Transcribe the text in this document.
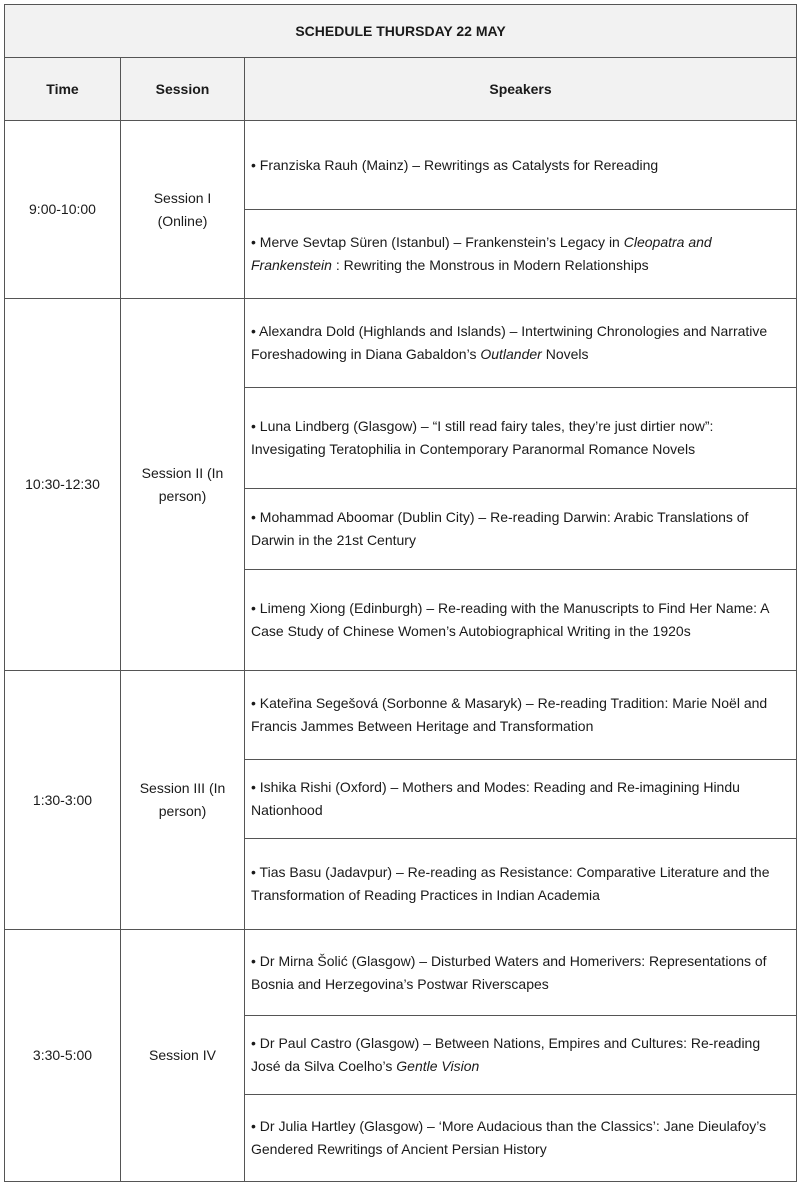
SCHEDULE THURSDAY 22 MAY		
Time	Session	Speakers
9:00-10:00	Session I (Online)	• Franziska Rauh (Mainz) – Rewritings as Catalysts for Rereading

		• Merve Sevtap Süren (Istanbul) – Frankenstein’s Legacy in Cleopatra and Frankenstein : Rewriting the Monstrous in Modern Relationships

10:30-12:30	Session II (In person)	• Alexandra Dold (Highlands and Islands) – Intertwining Chronologies and Narrative Foreshadowing in Diana Gabaldon’s Outlander Novels

		• Luna Lindberg (Glasgow) – “I still read fairy tales, they’re just dirtier now”: Invesigating Teratophilia in Contemporary Paranormal Romance Novels

		• Mohammad Aboomar (Dublin City) – Re-reading Darwin: Arabic Translations of Darwin in the 21st Century

		• Limeng Xiong (Edinburgh) – Re-reading with the Manuscripts to Find Her Name: A Case Study of Chinese Women’s Autobiographical Writing in the 1920s

1:30-3:00	Session III (In person)	• Kateřina Segešová (Sorbonne & Masaryk) – Re-reading Tradition: Marie Noël and Francis Jammes Between Heritage and Transformation

		• Ishika Rishi (Oxford) – Mothers and Modes: Reading and Re-imagining Hindu Nationhood

		• Tias Basu (Jadavpur) – Re-reading as Resistance: Comparative Literature and the Transformation of Reading Practices in Indian Academia

3:30-5:00	Session IV	• Dr Mirna Šolić (Glasgow) – Disturbed Waters and Homerivers: Representations of Bosnia and Herzegovina’s Postwar Riverscapes

		• Dr Paul Castro (Glasgow) – Between Nations, Empires and Cultures: Re-reading José da Silva Coelho’s Gentle Vision

		• Dr Julia Hartley (Glasgow) – ‘More Audacious than the Classics’: Jane Dieulafoy’s Gendered Rewritings of Ancient Persian History
